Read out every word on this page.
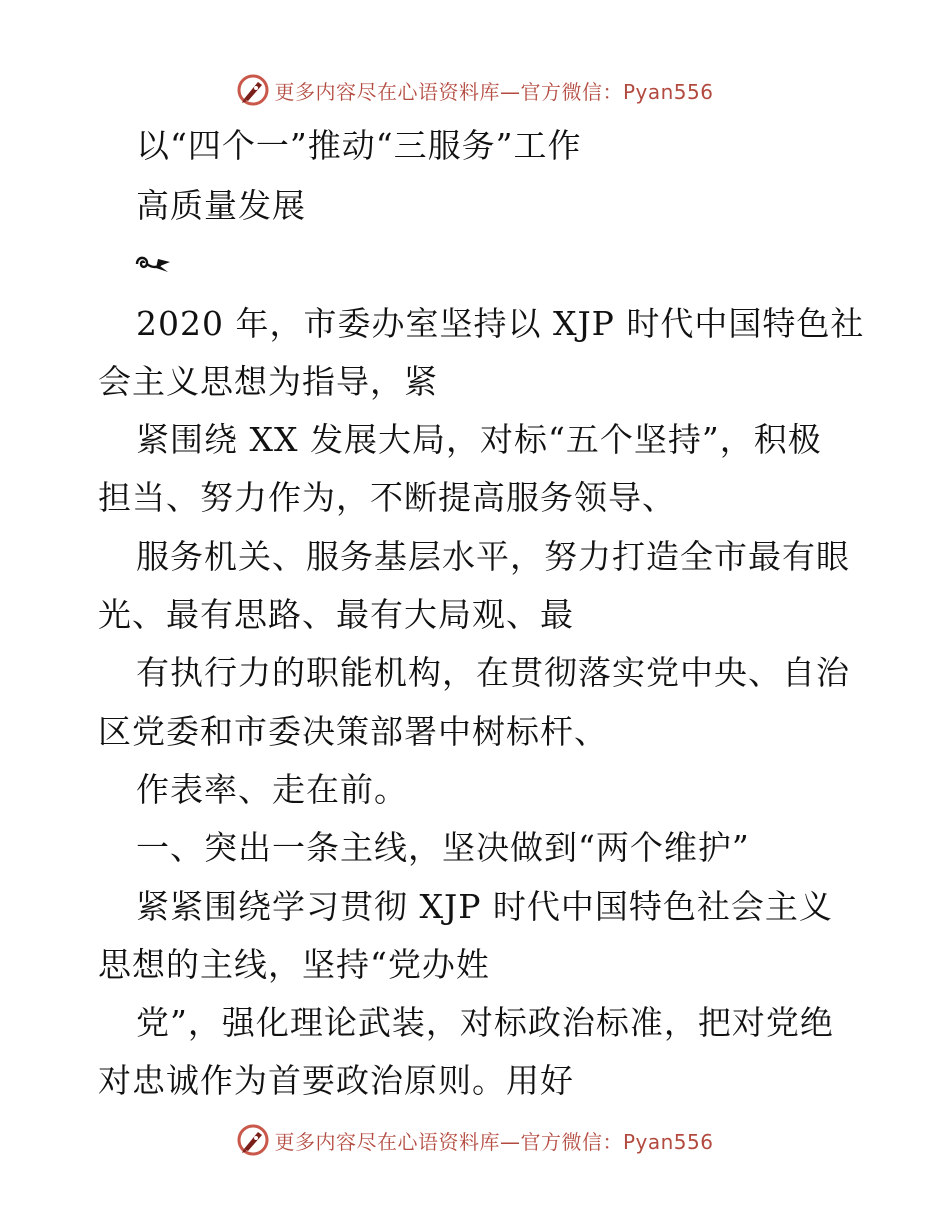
更多内容尽在心语资料库—官方微信：Pyan556
以“四个一”推动“三服务”工作
高质量发展
2020 年，市委办室坚持以 XJP 时代中国特色社
会主义思想为指导，紧
紧围绕 XX 发展大局，对标“五个坚持”，积极
担当、努力作为，不断提高服务领导、
服务机关、服务基层水平，努力打造全市最有眼
光、最有思路、最有大局观、最
有执行力的职能机构，在贯彻落实党中央、自治
区党委和市委决策部署中树标杆、
作表率、走在前。
一、突出一条主线，坚决做到“两个维护”
紧紧围绕学习贯彻 XJP 时代中国特色社会主义
思想的主线，坚持“党办姓
党”，强化理论武装，对标政治标准，把对党绝
对忠诚作为首要政治原则。用好
更多内容尽在心语资料库—官方微信：Pyan556
